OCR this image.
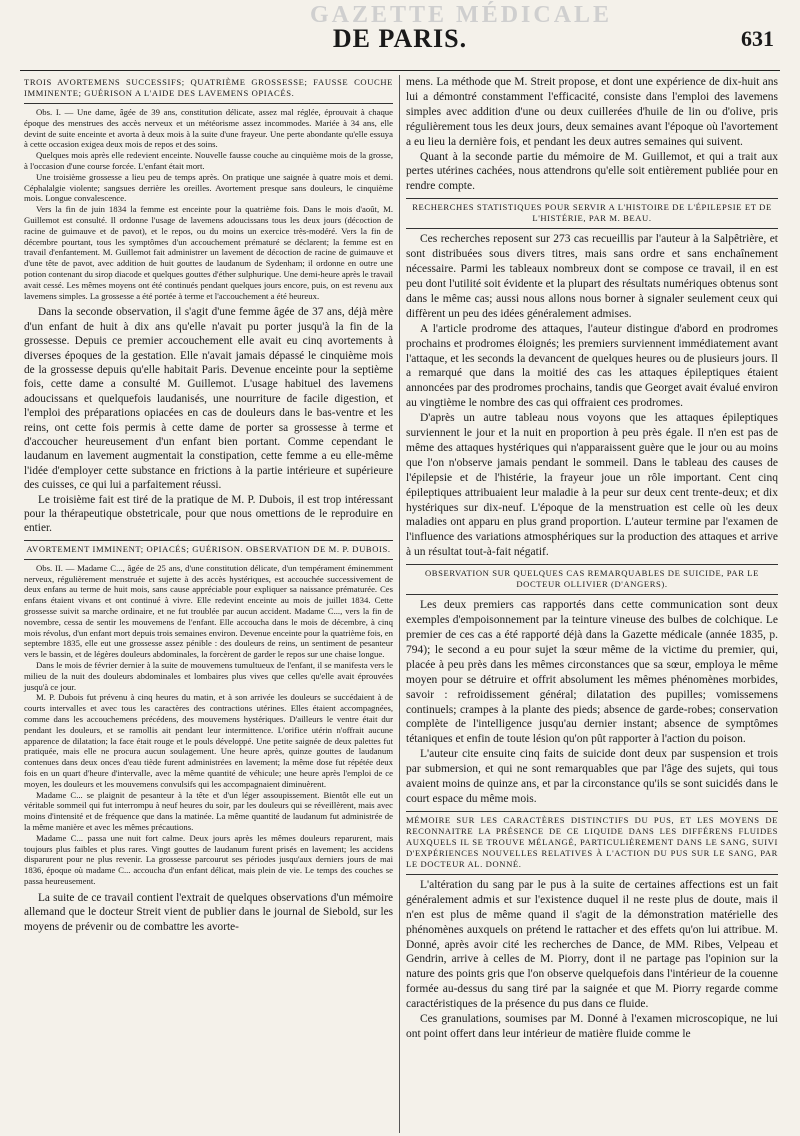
GAZETTE MÉDICALE
DE PARIS.	631
TROIS AVORTEMENS SUCCESSIFS; QUATRIÈME GROSSESSE; FAUSSE COUCHE IMMINENTE; GUÉRISON A L'AIDE DES LAVEMENS OPIACÉS.

Obs. I. — Une dame, âgée de 39 ans, constitution délicate, assez mal réglée, éprouvait à chaque époque des menstrues des accès nerveux et un météorisme assez incommodes. Mariée à 34 ans, elle devint de suite enceinte et avorta à deux mois à la suite d'une frayeur. Une perte abondante qu'elle essuya à cette occasion exigea deux mois de repos et des soins.

Quelques mois après elle redevient enceinte. Nouvelle fausse couche au cinquième mois de la grosse, à l'occasion d'une course forcée. L'enfant était mort.

Une troisième grossesse a lieu peu de temps après. On pratique une saignée à quatre mois et demi. Céphalalgie violente; sangsues derrière les oreilles. Avortement presque sans douleurs, le cinquième mois. Longue convalescence.

Vers la fin de juin 1834 la femme est enceinte pour la quatrième fois. Dans le mois d'août, M. Guillemot est consulté. Il ordonne l'usage de lavemens adoucissans tous les deux jours (décoction de racine de guimauve et de pavot), et le repos, ou du moins un exercice très-modéré. Vers la fin de décembre pourtant, tous les symptômes d'un accouchement prématuré se déclarent; la femme est en travail d'enfantement. M. Guillemot fait administrer un lavement de décoction de racine de guimauve et d'une tête de pavot, avec addition de huit gouttes de laudanum de Sydenham; il ordonne en outre une potion contenant du sirop diacode et quelques gouttes d'éther sulphurique. Une demi-heure après le travail avait cessé. Les mêmes moyens ont été continués pendant quelques jours encore, puis, on est revenu aux lavemens simples. La grossesse a été portée à terme et l'accouchement a été heureux.

Dans la seconde observation, il s'agit d'une femme âgée de 37 ans, déjà mère d'un enfant de huit à dix ans qu'elle n'avait pu porter jusqu'à la fin de la grossesse. Depuis ce premier accouchement elle avait eu cinq avortements à diverses époques de la gestation. Elle n'avait jamais dépassé le cinquième mois de la grossesse depuis qu'elle habitait Paris. Devenue enceinte pour la septième fois, cette dame a consulté M. Guillemot. L'usage habituel des lavemens adoucissans et quelquefois laudanisés, une nourriture de facile digestion, et l'emploi des préparations opiacées en cas de douleurs dans le bas-ventre et les reins, ont cette fois permis à cette dame de porter sa grossesse à terme et d'accoucher heureusement d'un enfant bien portant. Comme cependant le laudanum en lavement augmentait la constipation, cette femme a eu elle-même l'idée d'employer cette substance en frictions à la partie intérieure et supérieure des cuisses, ce qui lui a parfaitement réussi.

Le troisième fait est tiré de la pratique de M. P. Dubois, il est trop intéressant pour la thérapeutique obstetricale, pour que nous omettions de le reproduire en entier.

AVORTEMENT IMMINENT; OPIACÉS; GUÉRISON. OBSERVATION DE M. P. DUBOIS.

Obs. II. — Madame C..., âgée de 25 ans, d'une constitution délicate, d'un tempérament éminemment nerveux, régulièrement menstruée et sujette à des accès hystériques, est accouchée successivement de deux enfans au terme de huit mois, sans cause appréciable pour expliquer sa naissance prématurée. Ces enfans étaient vivans et ont continué à vivre. Elle redevint enceinte au mois de juillet 1834. Cette grossesse suivit sa marche ordinaire, et ne fut troublée par aucun accident. Madame C..., vers la fin de novembre, cessa de sentir les mouvemens de l'enfant. Elle accoucha dans le mois de décembre, à cinq mois révolus, d'un enfant mort depuis trois semaines environ. Devenue enceinte pour la quatrième fois, en septembre 1835, elle eut une grossesse assez pénible : des douleurs de reins, un sentiment de pesanteur vers le bassin, et de légères douleurs abdominales, la forcèrent de garder le repos sur une chaise longue.

Dans le mois de février dernier à la suite de mouvemens tumultueux de l'enfant, il se manifesta vers le milieu de la nuit des douleurs abdominales et lombaires plus vives que celles qu'elle avait éprouvées jusqu'à ce jour.

M. P. Dubois fut prévenu à cinq heures du matin, et à son arrivée les douleurs se succédaient à de courts intervalles et avec tous les caractères des contractions utérines. Elles étaient accompagnées, comme dans les accouchemens précédens, des mouvemens hystériques. D'ailleurs le ventre était dur pendant les douleurs, et se ramollis ait pendant leur intermittence. L'orifice utérin n'offrait aucune apparence de dilatation; la face était rouge et le pouls développé. Une petite saignée de deux palettes fut pratiquée, mais elle ne procura aucun soulagement. Une heure après, quinze gouttes de laudanum contenues dans deux onces d'eau tiède furent administrées en lavement; la même dose fut répétée deux fois en un quart d'heure d'intervalle, avec la même quantité de véhicule; une heure après l'emploi de ce moyen, les douleurs et les mouvemens convulsifs qui les accompagnaient diminuèrent.

Madame C... se plaignit de pesanteur à la tête et d'un léger assoupissement. Bientôt elle eut un véritable sommeil qui fut interrompu à neuf heures du soir, par les douleurs qui se réveillèrent, mais avec moins d'intensité et de fréquence que dans la matinée. La même quantité de laudanum fut administrée de la même manière et avec les mêmes précautions.

Madame C... passa une nuit fort calme. Deux jours après les mêmes douleurs reparurent, mais toujours plus faibles et plus rares. Vingt gouttes de laudanum furent prisés en lavement; les accidens disparurent pour ne plus revenir. La grossesse parcourut ses périodes jusqu'aux derniers jours de mai 1836, époque où madame C... accoucha d'un enfant délicat, mais plein de vie. Le temps des couches se passa heureusement.

La suite de ce travail contient l'extrait de quelques observations d'un mémoire allemand que le docteur Streit vient de publier dans le journal de Siebold, sur les moyens de prévenir ou de combattre les avorte-

mens. La méthode que M. Streit propose, et dont une expérience de dix-huit ans lui a démontré constamment l'efficacité, consiste dans l'emploi des lavemens simples avec addition d'une ou deux cuillerées d'huile de lin ou d'olive, pris régulièrement tous les deux jours, deux semaines avant l'époque où l'avortement a eu lieu la dernière fois, et pendant les deux autres semaines qui suivent.

Quant à la seconde partie du mémoire de M. Guillemot, et qui a trait aux pertes utérines cachées, nous attendrons qu'elle soit entièrement publiée pour en rendre compte.

RECHERCHES STATISTIQUES POUR SERVIR A L'HISTOIRE DE L'ÉPILEPSIE ET DE L'HISTÉRIE, PAR M. BEAU.

Ces recherches reposent sur 273 cas recueillis par l'auteur à la Salpêtrière, et sont distribuées sous divers titres, mais sans ordre et sans enchaînement nécessaire. Parmi les tableaux nombreux dont se compose ce travail, il en est peu dont l'utilité soit évidente et la plupart des résultats numériques obtenus sont dans le même cas; aussi nous allons nous borner à signaler seulement ceux qui diffèrent un peu des idées généralement admises.

A l'article prodrome des attaques, l'auteur distingue d'abord en prodromes prochains et prodromes éloignés; les premiers surviennent immédiatement avant l'attaque, et les seconds la devancent de quelques heures ou de plusieurs jours. Il a remarqué que dans la moitié des cas les attaques épileptiques étaient annoncées par des prodromes prochains, tandis que Georget avait évalué environ au vingtième le nombre des cas qui offraient ces prodromes.

D'après un autre tableau nous voyons que les attaques épileptiques surviennent le jour et la nuit en proportion à peu près égale. Il n'en est pas de même des attaques hystériques qui n'apparaissent guère que le jour ou au moins que l'on n'observe jamais pendant le sommeil. Dans le tableau des causes de l'épilepsie et de l'histérie, la frayeur joue un rôle important. Cent cinq épileptiques attribuaient leur maladie à la peur sur deux cent trente-deux; et dix hystériques sur dix-neuf. L'époque de la menstruation est celle où les deux maladies ont apparu en plus grand proportion. L'auteur termine par l'examen de l'influence des variations atmosphériques sur la production des attaques et arrive à un résultat tout-à-fait négatif.

OBSERVATION SUR QUELQUES CAS REMARQUABLES DE SUICIDE, PAR LE DOCTEUR OLLIVIER (D'ANGERS).

Les deux premiers cas rapportés dans cette communication sont deux exemples d'empoisonnement par la teinture vineuse des bulbes de colchique. Le premier de ces cas a été rapporté déjà dans la Gazette médicale (année 1835, p. 794); le second a eu pour sujet la sœur même de la victime du premier, qui, placée à peu près dans les mêmes circonstances que sa sœur, employa le même moyen pour se détruire et offrit absolument les mêmes phénomènes morbides, savoir : refroidissement général; dilatation des pupilles; vomissemens continuels; crampes à la plante des pieds; absence de garde-robes; conservation complète de l'intelligence jusqu'au dernier instant; absence de symptômes tétaniques et enfin de toute lésion qu'on pût rapporter à l'action du poison.

L'auteur cite ensuite cinq faits de suicide dont deux par suspension et trois par submersion, et qui ne sont remarquables que par l'âge des sujets, qui tous avaient moins de quinze ans, et par la circonstance qu'ils se sont suicidés dans le court espace du même mois.

MÉMOIRE SUR LES CARACTÈRES DISTINCTIFS DU PUS, ET LES MOYENS DE RECONNAITRE LA PRÉSENCE DE CE LIQUIDE DANS LES DIFFÉRENS FLUIDES AUXQUELS IL SE TROUVE MÉLANGÉ, PARTICULIÈREMENT DANS LE SANG, SUIVI D'EXPÉRIENCES NOUVELLES RELATIVES À L'ACTION DU PUS SUR LE SANG, PAR LE DOCTEUR AL. DONNÉ.

L'altération du sang par le pus à la suite de certaines affections est un fait généralement admis et sur l'existence duquel il ne reste plus de doute, mais il n'en est plus de même quand il s'agit de la démonstration matérielle des phénomènes auxquels on prétend le rattacher et des effets qu'on lui attribue. M. Donné, après avoir cité les recherches de Dance, de MM. Ribes, Velpeau et Gendrin, arrive à celles de M. Piorry, dont il ne partage pas l'opinion sur la nature des points gris que l'on observe quelquefois dans l'intérieur de la couenne formée au-dessus du sang tiré par la saignée et que M. Piorry regarde comme caractéristiques de la présence du pus dans ce fluide.

Ces granulations, soumises par M. Donné à l'examen microscopique, ne lui ont point offert dans leur intérieur de matière fluide comme le
